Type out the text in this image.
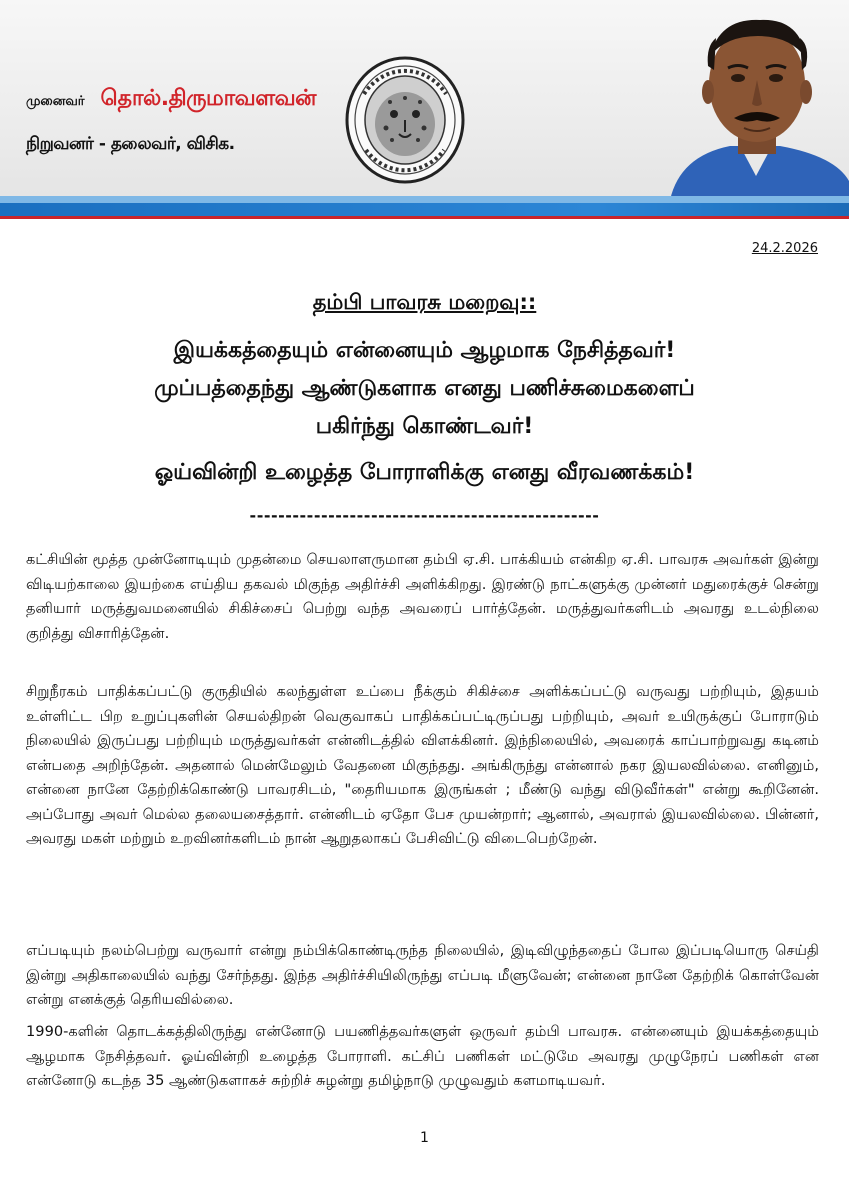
முனைவர் தொல்.திருமாவளவன்
நிறுவனர் - தலைவர், விசிக.
24.2.2026
தம்பி பாவரசு மறைவு::
இயக்கத்தையும் என்னையும் ஆழமாக நேசித்தவர்!
முப்பத்தைந்து ஆண்டுகளாக எனது பணிச்சுமைகளைப்
பகிர்ந்து கொண்டவர்!
ஓய்வின்றி உழைத்த போராளிக்கு எனது வீரவணக்கம்!
-------------------------------------------------
கட்சியின் மூத்த முன்னோடியும் முதன்மை செயலாளருமான தம்பி ஏ.சி. பாக்கியம் என்கிற ஏ.சி. பாவரசு அவர்கள் இன்று விடியற்காலை இயற்கை எய்திய தகவல் மிகுந்த அதிர்ச்சி அளிக்கிறது. இரண்டு நாட்களுக்கு முன்னர் மதுரைக்குச் சென்று தனியார் மருத்துவமனையில் சிகிச்சைப் பெற்று வந்த அவரைப் பார்த்தேன். மருத்துவர்களிடம் அவரது உடல்நிலை குறித்து விசாரித்தேன்.
சிறுநீரகம் பாதிக்கப்பட்டு குருதியில் கலந்துள்ள உப்பை நீக்கும் சிகிச்சை அளிக்கப்பட்டு வருவது பற்றியும், இதயம் உள்ளிட்ட பிற உறுப்புகளின் செயல்திறன் வெகுவாகப் பாதிக்கப்பட்டிருப்பது பற்றியும், அவர் உயிருக்குப் போராடும் நிலையில் இருப்பது பற்றியும் மருத்துவர்கள் என்னிடத்தில் விளக்கினர். இந்நிலையில், அவரைக் காப்பாற்றுவது கடினம் என்பதை அறிந்தேன். அதனால் மென்மேலும் வேதனை மிகுந்தது. அங்கிருந்து என்னால் நகர இயலவில்லை. எனினும், என்னை நானே தேற்றிக்கொண்டு பாவரசிடம், "தைரியமாக இருங்கள் ; மீண்டு வந்து விடுவீர்கள்" என்று கூறினேன். அப்போது அவர் மெல்ல தலையசைத்தார். என்னிடம் ஏதோ பேச முயன்றார்; ஆனால், அவரால் இயலவில்லை. பின்னர், அவரது மகள் மற்றும் உறவினர்களிடம் நான் ஆறுதலாகப் பேசிவிட்டு விடைபெற்றேன்.
எப்படியும் நலம்பெற்று வருவார் என்று நம்பிக்கொண்டிருந்த நிலையில், இடிவிழுந்ததைப் போல இப்படியொரு செய்தி இன்று அதிகாலையில் வந்து சேர்ந்தது. இந்த அதிர்ச்சியிலிருந்து எப்படி மீளுவேன்; என்னை நானே தேற்றிக் கொள்வேன் என்று எனக்குத் தெரியவில்லை.
1990-களின் தொடக்கத்திலிருந்து என்னோடு பயணித்தவர்களுள் ஒருவர் தம்பி பாவரசு. என்னையும் இயக்கத்தையும் ஆழமாக நேசித்தவர். ஓய்வின்றி உழைத்த போராளி. கட்சிப் பணிகள் மட்டுமே அவரது முழுநேரப் பணிகள் என என்னோடு கடந்த 35 ஆண்டுகளாகச் சுற்றிச் சுழன்று தமிழ்நாடு முழுவதும் களமாடியவர்.
1
